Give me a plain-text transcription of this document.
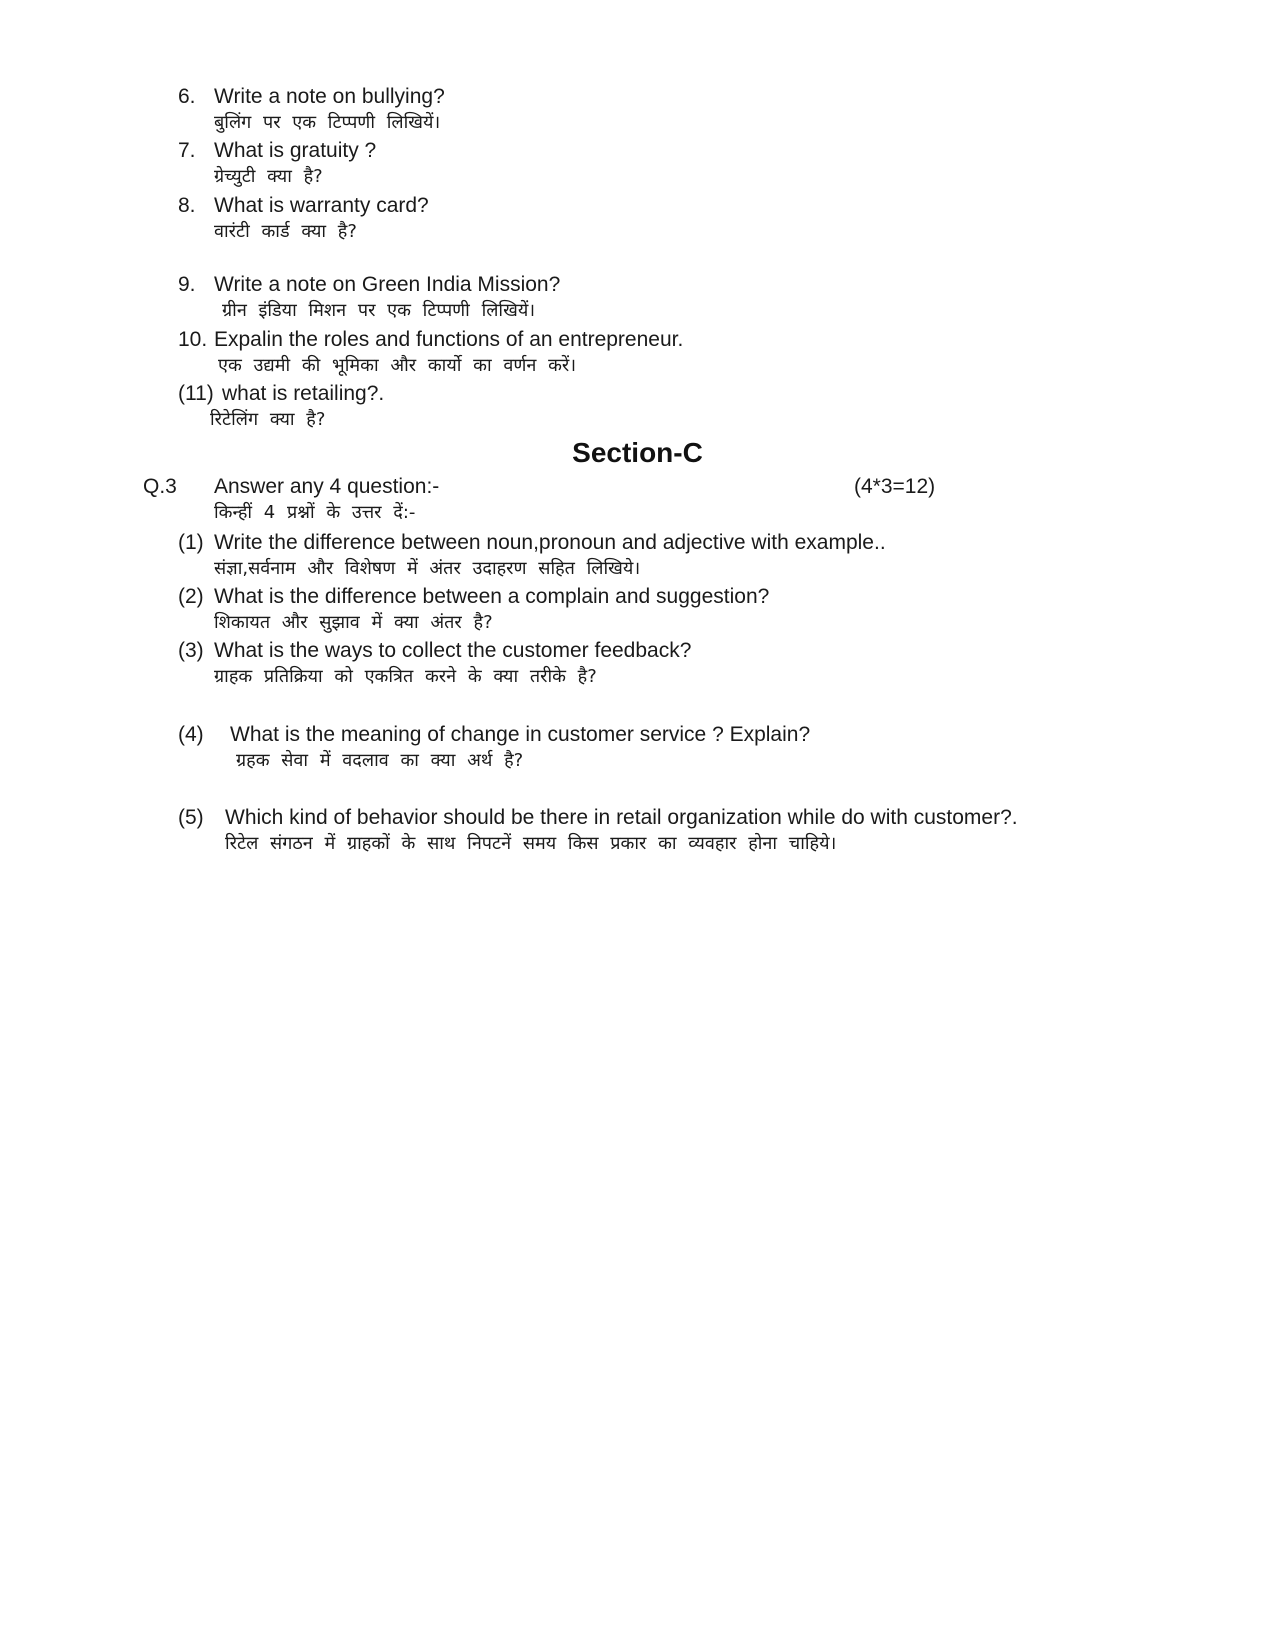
6. Write a note on bullying?
बुलिंग पर एक टिप्पणी लिखियें।
7. What is gratuity ?
ग्रेच्युटी क्या है?
8. What is warranty card?
वारंटी कार्ड क्या है?
9. Write a note on Green India Mission?
ग्रीन इंडिया मिशन पर एक टिप्पणी लिखियें।
10. Expalin the roles and functions of an entrepreneur.
एक उद्यमी की भूमिका और कार्यो का वर्णन करें।
(11) what is retailing?.
रिटेलिंग क्या है?
Section-C
Q.3 Answer any 4 question:-	(4*3=12)
किन्हीं 4 प्रश्नों के उत्तर दें:-
(1) Write the difference between noun,pronoun and adjective with example..
संज्ञा,सर्वनाम और विशेषण में अंतर उदाहरण सहित लिखिये।
(2) What is the difference between a complain and suggestion?
शिकायत और सुझाव में क्या अंतर है?
(3) What is the ways to collect the customer feedback?
ग्राहक प्रतिक्रिया को एकत्रित करने के क्या तरीके है?
(4) What is the meaning of change in customer service ? Explain?
ग्रहक सेवा में वदलाव का क्या अर्थ है?
(5) Which kind of behavior should be there in retail organization while do with customer?.
रिटेल संगठन में ग्राहकों के साथ निपटनें समय किस प्रकार का व्यवहार होना चाहिये।
